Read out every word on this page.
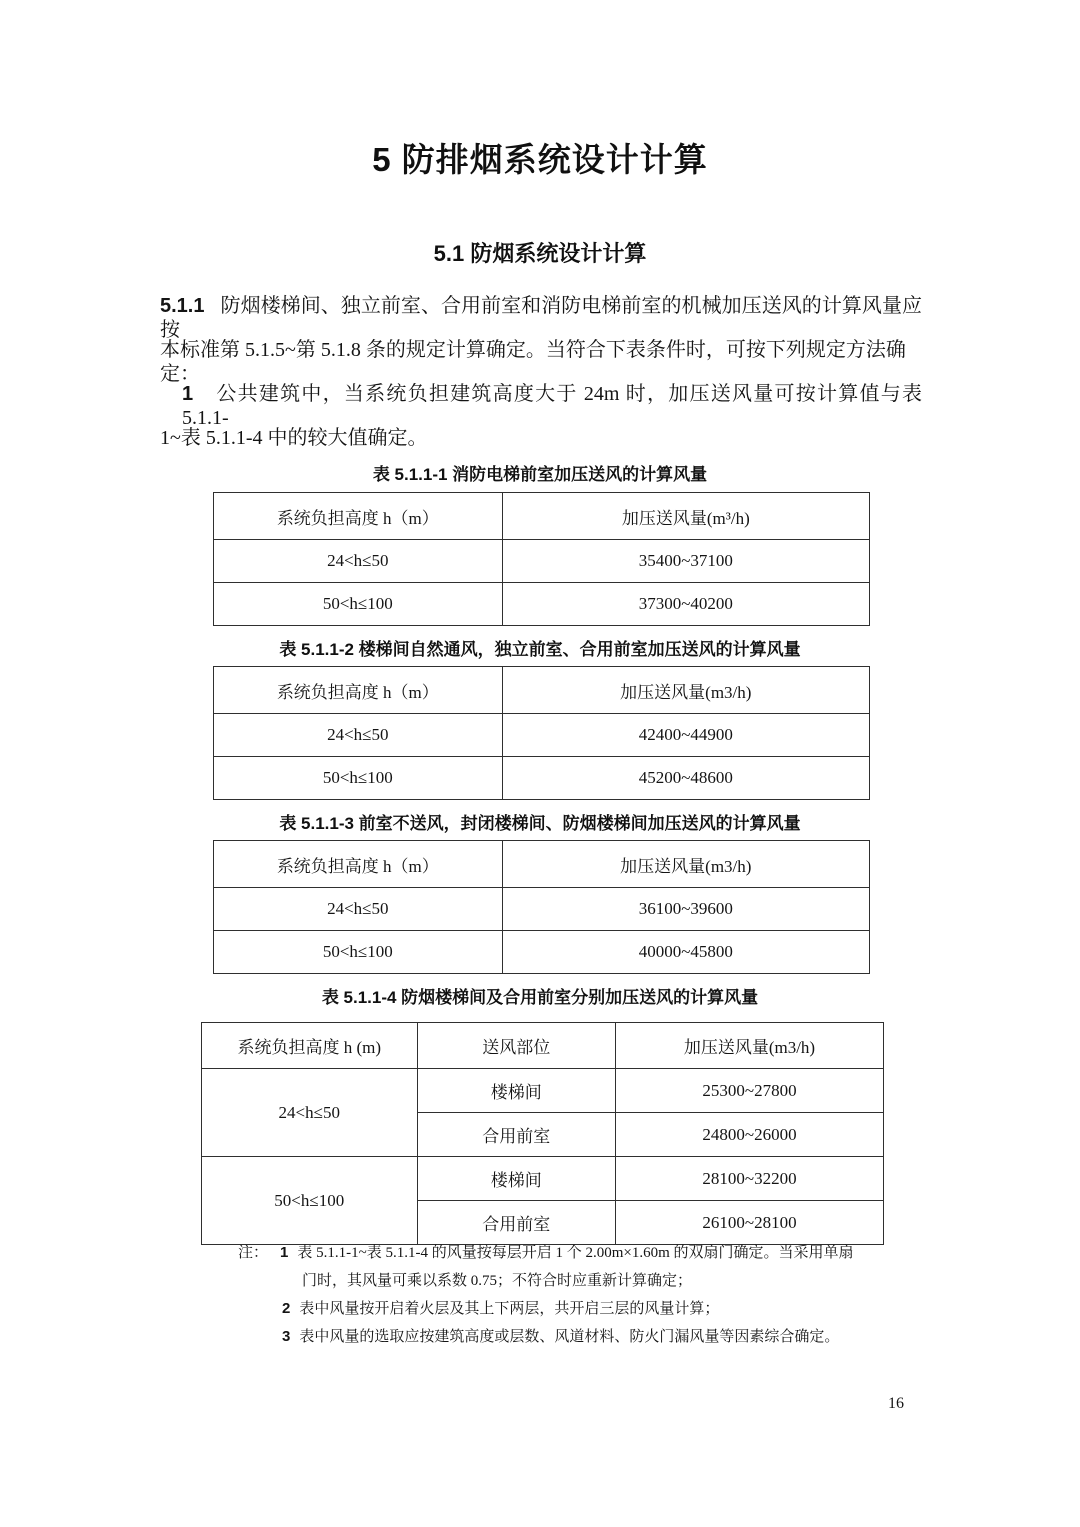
5 防排烟系统设计计算
5.1 防烟系统设计计算
5.1.1 防烟楼梯间、独立前室、合用前室和消防电梯前室的机械加压送风的计算风量应按
本标准第 5.1.5~第 5.1.8 条的规定计算确定。当符合下表条件时，可按下列规定方法确定：
1 公共建筑中，当系统负担建筑高度大于 24m 时，加压送风量可按计算值与表 5.1.1-
1~表 5.1.1-4 中的较大值确定。
表 5.1.1-1 消防电梯前室加压送风的计算风量
系统负担高度 h（m）	加压送风量(m³/h)
24<h≤50	35400~37100
50<h≤100	37300~40200
表 5.1.1-2 楼梯间自然通风，独立前室、合用前室加压送风的计算风量
系统负担高度 h（m）	加压送风量(m3/h)
24<h≤50	42400~44900
50<h≤100	45200~48600
表 5.1.1-3 前室不送风，封闭楼梯间、防烟楼梯间加压送风的计算风量
系统负担高度 h（m）	加压送风量(m3/h)
24<h≤50	36100~39600
50<h≤100	40000~45800
表 5.1.1-4 防烟楼梯间及合用前室分别加压送风的计算风量
系统负担高度 h (m)	送风部位	加压送风量(m3/h)
24<h≤50	楼梯间	25300~27800
	合用前室	24800~26000
50<h≤100	楼梯间	28100~32200
	合用前室	26100~28100
注： 1 表 5.1.1-1~表 5.1.1-4 的风量按每层开启 1 个 2.00m×1.60m 的双扇门确定。当采用单扇
门时，其风量可乘以系数 0.75；不符合时应重新计算确定；
2 表中风量按开启着火层及其上下两层，共开启三层的风量计算；
3 表中风量的选取应按建筑高度或层数、风道材料、防火门漏风量等因素综合确定。
16
